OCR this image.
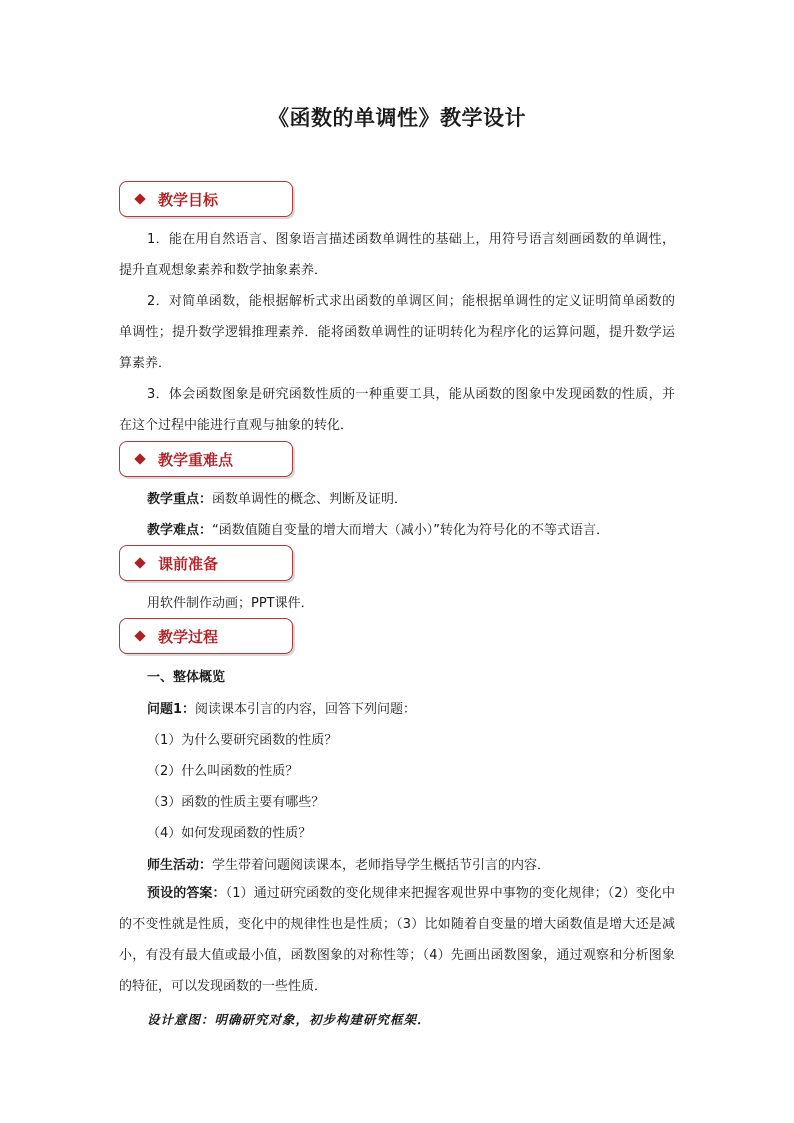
《函数的单调性》教学设计
教学目标
1．能在用自然语言、图象语言描述函数单调性的基础上，用符号语言刻画函数的单调性，提升直观想象素养和数学抽象素养．
2．对简单函数，能根据解析式求出函数的单调区间；能根据单调性的定义证明简单函数的单调性；提升数学逻辑推理素养．能将函数单调性的证明转化为程序化的运算问题，提升数学运算素养．
3．体会函数图象是研究函数性质的一种重要工具，能从函数的图象中发现函数的性质，并在这个过程中能进行直观与抽象的转化．
教学重难点
教学重点：函数单调性的概念、判断及证明．
教学难点：“函数值随自变量的增大而增大（减小）”转化为符号化的不等式语言．
课前准备
用软件制作动画；PPT课件．
教学过程
一、整体概览
问题1：阅读课本引言的内容，回答下列问题：
（1）为什么要研究函数的性质？
（2）什么叫函数的性质？
（3）函数的性质主要有哪些？
（4）如何发现函数的性质？
师生活动：学生带着问题阅读课本，老师指导学生概括节引言的内容．
预设的答案：（1）通过研究函数的变化规律来把握客观世界中事物的变化规律；（2）变化中的不变性就是性质，变化中的规律性也是性质；（3）比如随着自变量的增大函数值是增大还是减小，有没有最大值或最小值，函数图象的对称性等；（4）先画出函数图象，通过观察和分析图象的特征，可以发现函数的一些性质．
设计意图：明确研究对象，初步构建研究框架．
